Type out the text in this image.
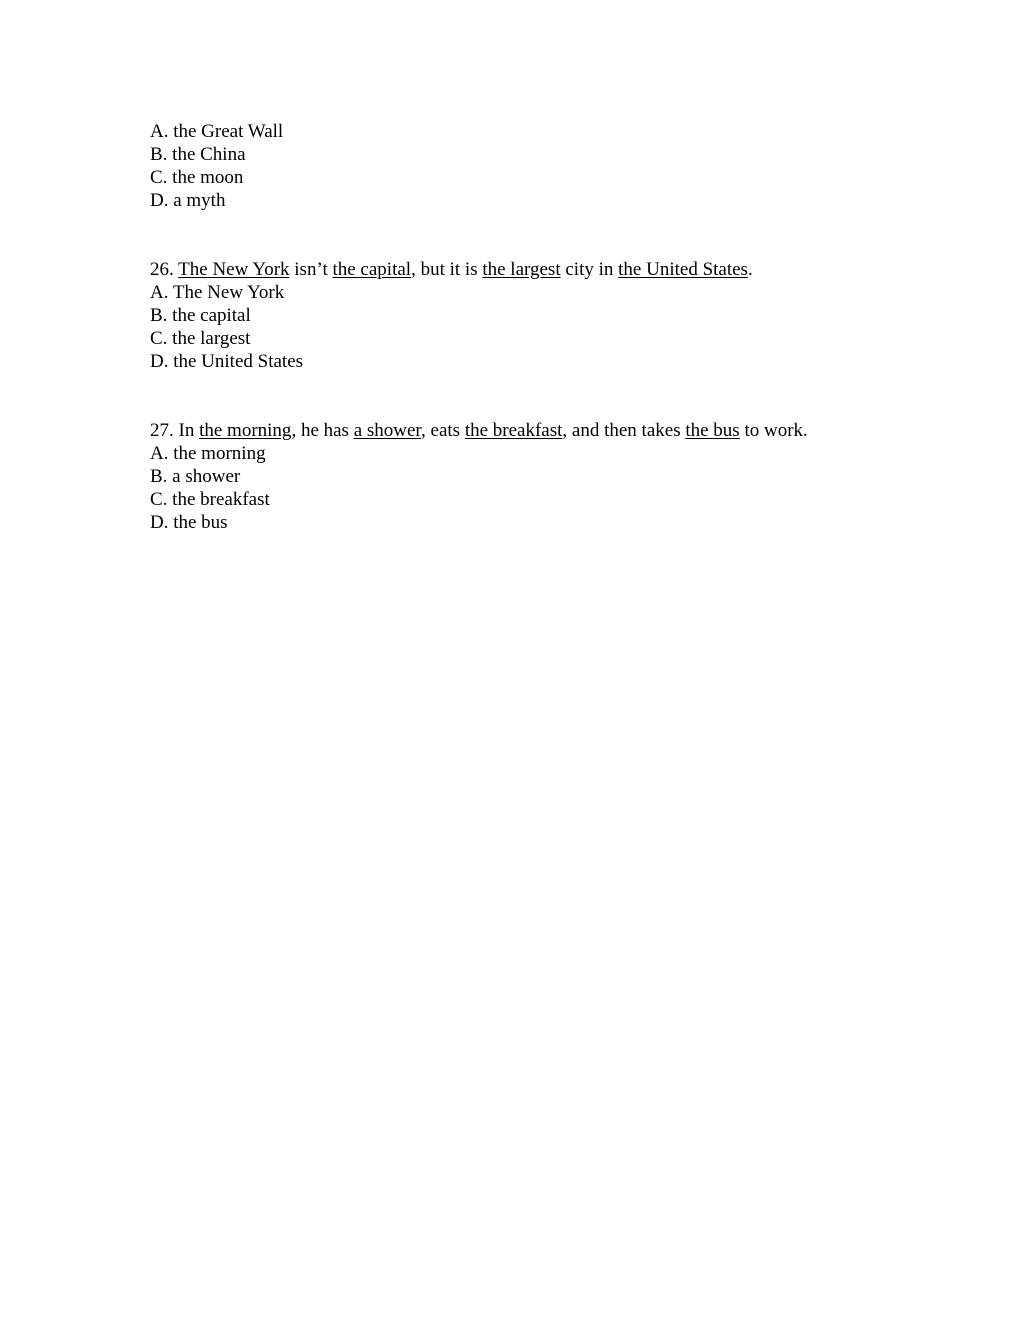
A. the Great Wall
B. the China
C. the moon
D. a myth
26. The New York isn’t the capital, but it is the largest city in the United States.
A. The New York
B. the capital
C. the largest
D. the United States
27. In the morning, he has a shower, eats the breakfast, and then takes the bus to work.
A. the morning
B. a shower
C. the breakfast
D. the bus
